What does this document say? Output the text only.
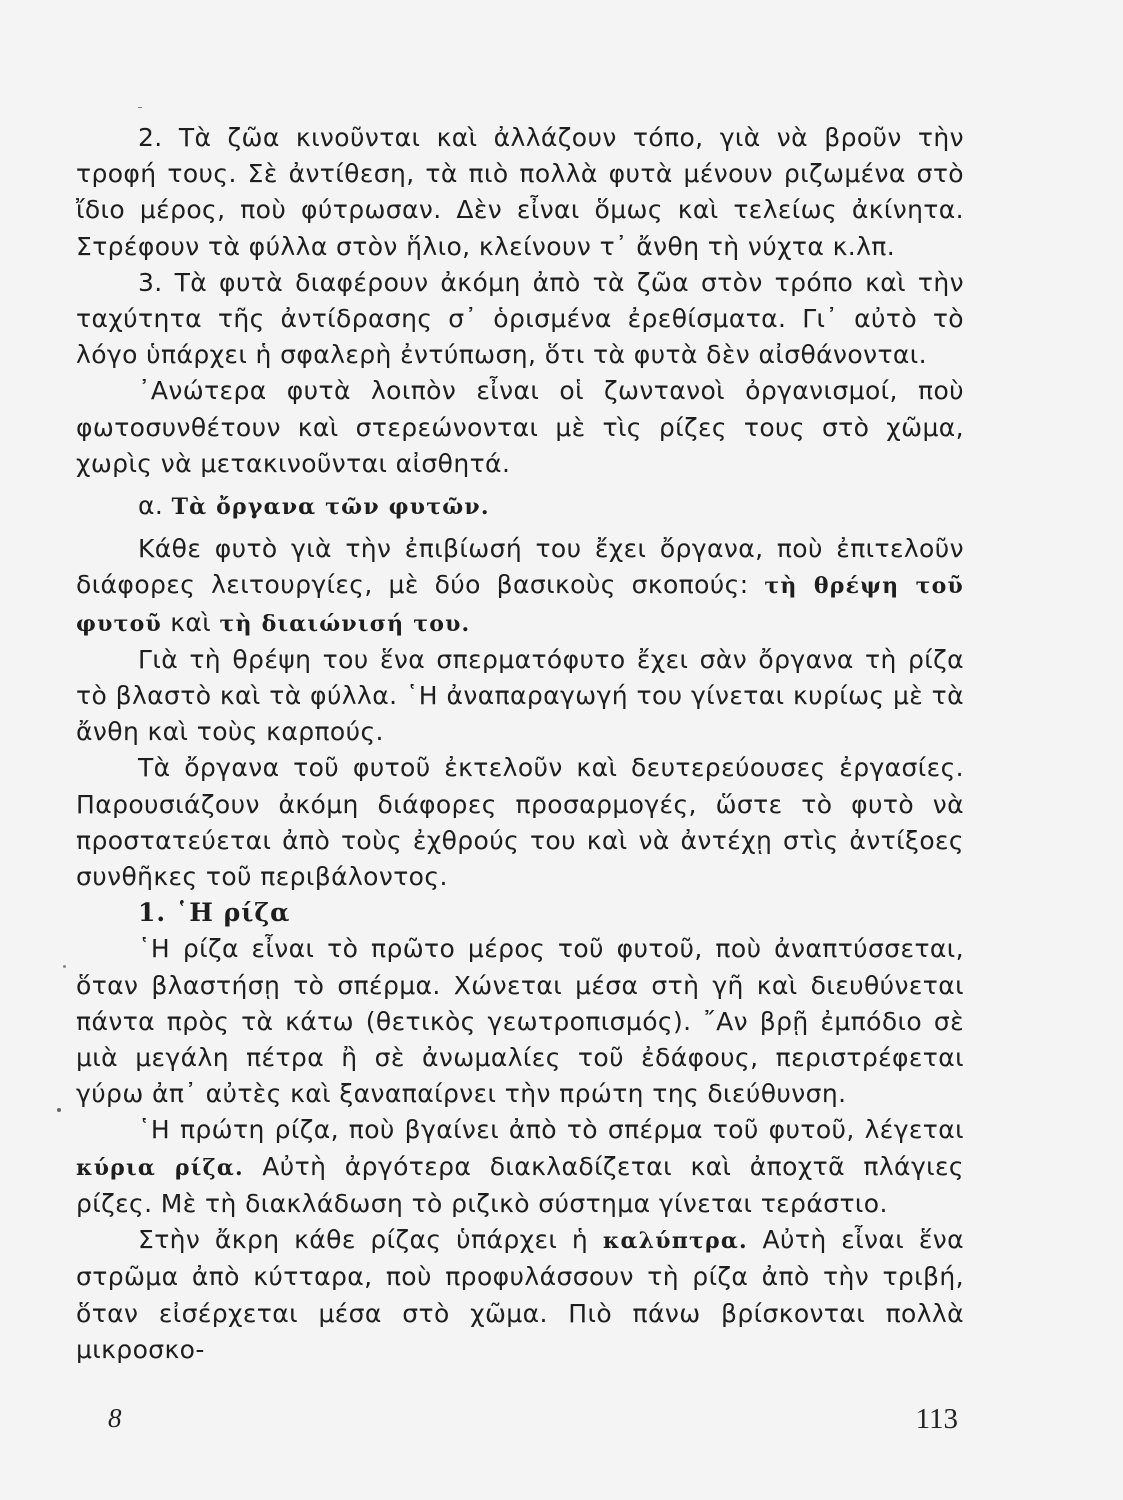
2. Τὰ ζῶα κινοῦνται καὶ ἀλλάζουν τόπο, γιὰ νὰ βροῦν τὴν τροφή τους. Σὲ ἀντίθεση, τὰ πιὸ πολλὰ φυτὰ μένουν ριζωμένα στὸ ἴδιο μέρος, ποὺ φύτρωσαν. Δὲν εἶναι ὅμως καὶ τελείως ἀκίνητα. Στρέφουν τὰ φύλλα στὸν ἥλιο, κλείνουν τ᾽ ἄνθη τὴ νύχτα κ.λπ.

3. Τὰ φυτὰ διαφέρουν ἀκόμη ἀπὸ τὰ ζῶα στὸν τρόπο καὶ τὴν ταχύτητα τῆς ἀντίδρασης σ᾽ ὁρισμένα ἐρεθίσματα. Γι᾽ αὐτὸ τὸ λόγο ὑπάρχει ἡ σφαλερὴ ἐντύπωση, ὅτι τὰ φυτὰ δὲν αἰσθάνονται.

᾽Ανώτερα φυτὰ λοιπὸν εἶναι οἱ ζωντανοὶ ὀργανισμοί, ποὺ φωτοσυνθέτουν καὶ στερεώνονται μὲ τὶς ρίζες τους στὸ χῶμα, χωρὶς νὰ μετακινοῦνται αἰσθητά.

α. Τὰ ὄργανα τῶν φυτῶν.

Κάθε φυτὸ γιὰ τὴν ἐπιβίωσή του ἔχει ὄργανα, ποὺ ἐπιτελοῦν διάφορες λειτουργίες, μὲ δύο βασικοὺς σκοπούς: τὴ θρέψη τοῦ φυτοῦ καὶ τὴ διαιώνισή του.

Γιὰ τὴ θρέψη του ἕνα σπερματόφυτο ἔχει σὰν ὄργανα τὴ ρίζα τὸ βλαστὸ καὶ τὰ φύλλα. ῾Η ἀναπαραγωγή του γίνεται κυρίως μὲ τὰ ἄνθη καὶ τοὺς καρπούς.

Τὰ ὄργανα τοῦ φυτοῦ ἐκτελοῦν καὶ δευτερεύουσες ἐργασίες. Παρουσιάζουν ἀκόμη διάφορες προσαρμογές, ὥστε τὸ φυτὸ νὰ προστατεύεται ἀπὸ τοὺς ἐχθρούς του καὶ νὰ ἀντέχῃ στὶς ἀντίξοες συνθῆκες τοῦ περιβάλοντος.

1. ῾Η ρίζα

῾Η ρίζα εἶναι τὸ πρῶτο μέρος τοῦ φυτοῦ, ποὺ ἀναπτύσσεται, ὅταν βλαστήσῃ τὸ σπέρμα. Χώνεται μέσα στὴ γῆ καὶ διευθύνεται πάντα πρὸς τὰ κάτω (θετικὸς γεωτροπισμός). ῎Αν βρῇ ἐμπόδιο σὲ μιὰ μεγάλη πέτρα ἢ σὲ ἀνωμαλίες τοῦ ἐδάφους, περιστρέφεται γύρω ἀπ᾽ αὐτὲς καὶ ξαναπαίρνει τὴν πρώτη της διεύθυνση.

῾Η πρώτη ρίζα, ποὺ βγαίνει ἀπὸ τὸ σπέρμα τοῦ φυτοῦ, λέγεται κύρια ρίζα. Αὐτὴ ἀργότερα διακλαδίζεται καὶ ἀποχτᾶ πλάγιες ρίζες. Μὲ τὴ διακλάδωση τὸ ριζικὸ σύστημα γίνεται τεράστιο.

Στὴν ἄκρη κάθε ρίζας ὑπάρχει ἡ καλύπτρα. Αὐτὴ εἶναι ἕνα στρῶμα ἀπὸ κύτταρα, ποὺ προφυλάσσουν τὴ ρίζα ἀπὸ τὴν τριβή, ὅταν εἰσέρχεται μέσα στὸ χῶμα. Πιὸ πάνω βρίσκονται πολλὰ μικροσκο-

8	113
